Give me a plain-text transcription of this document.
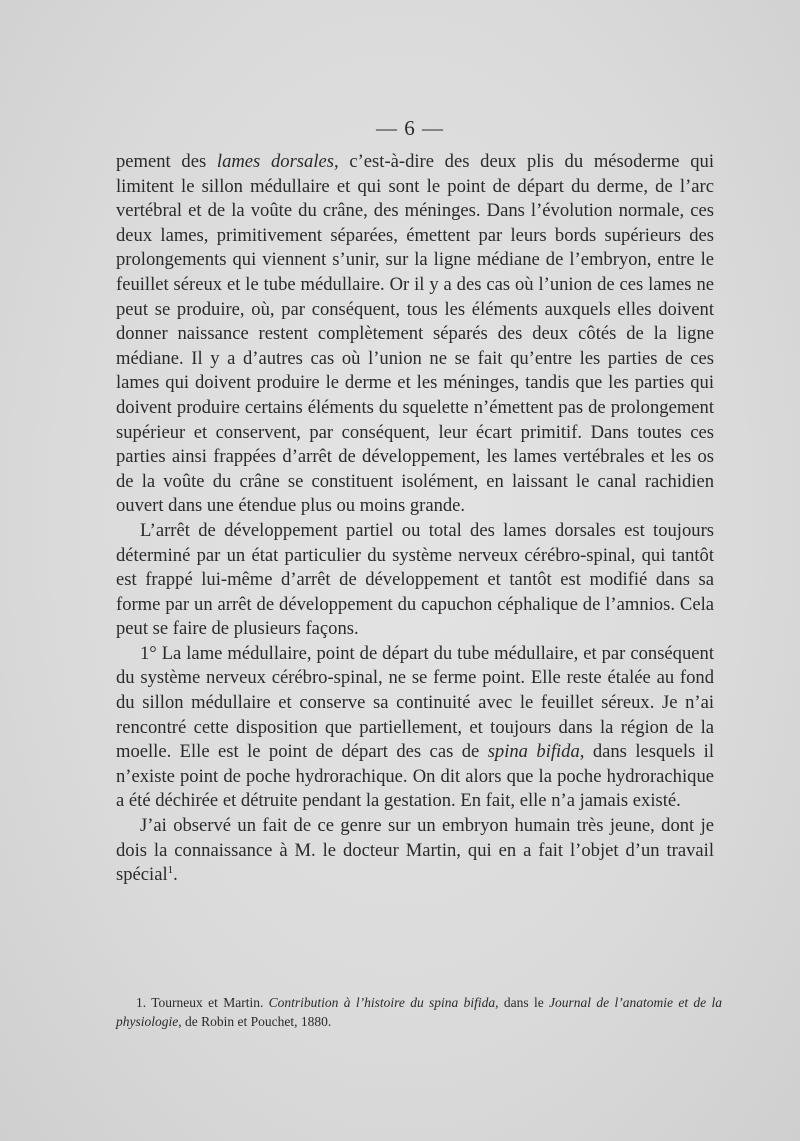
— 6 —

pement des lames dorsales, c’est-à-dire des deux plis du mésoderme qui limitent le sillon médullaire et qui sont le point de départ du derme, de l’arc vertébral et de la voûte du crâne, des méninges. Dans l’évolution normale, ces deux lames, primitivement séparées, émettent par leurs bords supérieurs des prolongements qui viennent s’unir, sur la ligne médiane de l’embryon, entre le feuillet séreux et le tube médullaire. Or il y a des cas où l’union de ces lames ne peut se produire, où, par conséquent, tous les éléments auxquels elles doivent donner naissance restent complètement séparés des deux côtés de la ligne médiane. Il y a d’autres cas où l’union ne se fait qu’entre les parties de ces lames qui doivent produire le derme et les méninges, tandis que les parties qui doivent produire certains éléments du squelette n’émettent pas de prolongement supérieur et conservent, par conséquent, leur écart primitif. Dans toutes ces parties ainsi frappées d’arrêt de développement, les lames vertébrales et les os de la voûte du crâne se constituent isolément, en laissant le canal rachidien ouvert dans une étendue plus ou moins grande.

L’arrêt de développement partiel ou total des lames dorsales est toujours déterminé par un état particulier du système nerveux cérébro-spinal, qui tantôt est frappé lui-même d’arrêt de développement et tantôt est modifié dans sa forme par un arrêt de développement du capuchon céphalique de l’amnios. Cela peut se faire de plusieurs façons.

1° La lame médullaire, point de départ du tube médullaire, et par conséquent du système nerveux cérébro-spinal, ne se ferme point. Elle reste étalée au fond du sillon médullaire et conserve sa continuité avec le feuillet séreux. Je n’ai rencontré cette disposition que partiellement, et toujours dans la région de la moelle. Elle est le point de départ des cas de spina bifida, dans lesquels il n’existe point de poche hydrorachique. On dit alors que la poche hydrorachique a été déchirée et détruite pendant la gestation. En fait, elle n’a jamais existé.

J’ai observé un fait de ce genre sur un embryon humain très jeune, dont je dois la connaissance à M. le docteur Martin, qui en a fait l’objet d’un travail spécial$^1$.

1. Tourneux et Martin. Contribution à l’histoire du spina bifida, dans le Journal de l’anatomie et de la physiologie, de Robin et Pouchet, 1880.
